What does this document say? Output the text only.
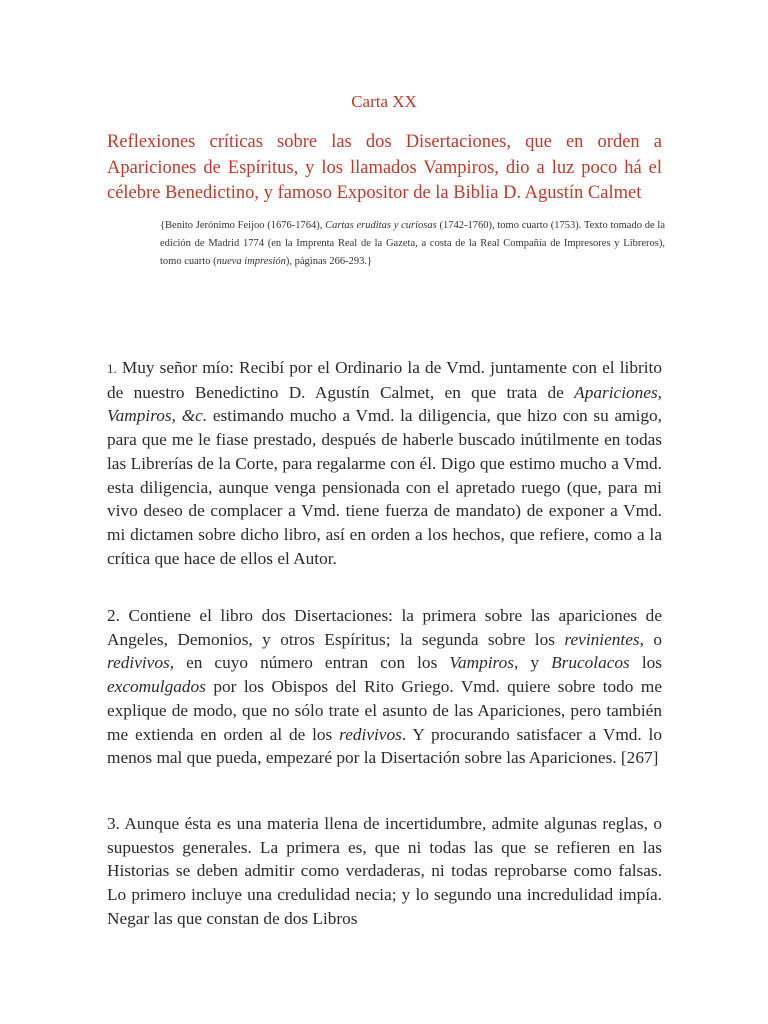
Carta XX
Reflexiones críticas sobre las dos Disertaciones, que en orden a Apariciones de Espíritus, y los llamados Vampiros, dio a luz poco há el célebre Benedictino, y famoso Expositor de la Biblia D. Agustín Calmet
{Benito Jerónimo Feijoo (1676-1764), Cartas eruditas y curiosas (1742-1760), tomo cuarto (1753). Texto tomado de la edición de Madrid 1774 (en la Imprenta Real de la Gazeta, a costa de la Real Compañía de Impresores y Libreros), tomo cuarto (nueva impresión), páginas 266-293.}
1. Muy señor mío: Recibí por el Ordinario la de Vmd. juntamente con el librito de nuestro Benedictino D. Agustín Calmet, en que trata de Apariciones, Vampiros, &c. estimando mucho a Vmd. la diligencia, que hizo con su amigo, para que me le fiase prestado, después de haberle buscado inútilmente en todas las Librerías de la Corte, para regalarme con él. Digo que estimo mucho a Vmd. esta diligencia, aunque venga pensionada con el apretado ruego (que, para mi vivo deseo de complacer a Vmd. tiene fuerza de mandato) de exponer a Vmd. mi dictamen sobre dicho libro, así en orden a los hechos, que refiere, como a la crítica que hace de ellos el Autor.
2. Contiene el libro dos Disertaciones: la primera sobre las apariciones de Angeles, Demonios, y otros Espíritus; la segunda sobre los revinientes, o redivivos, en cuyo número entran con los Vampiros, y Brucolacos los excomulgados por los Obispos del Rito Griego. Vmd. quiere sobre todo me explique de modo, que no sólo trate el asunto de las Apariciones, pero también me extienda en orden al de los redivivos. Y procurando satisfacer a Vmd. lo menos mal que pueda, empezaré por la Disertación sobre las Apariciones. [267]
3. Aunque ésta es una materia llena de incertidumbre, admite algunas reglas, o supuestos generales. La primera es, que ni todas las que se refieren en las Historias se deben admitir como verdaderas, ni todas reprobarse como falsas. Lo primero incluye una credulidad necia; y lo segundo una incredulidad impía. Negar las que constan de dos Libros
